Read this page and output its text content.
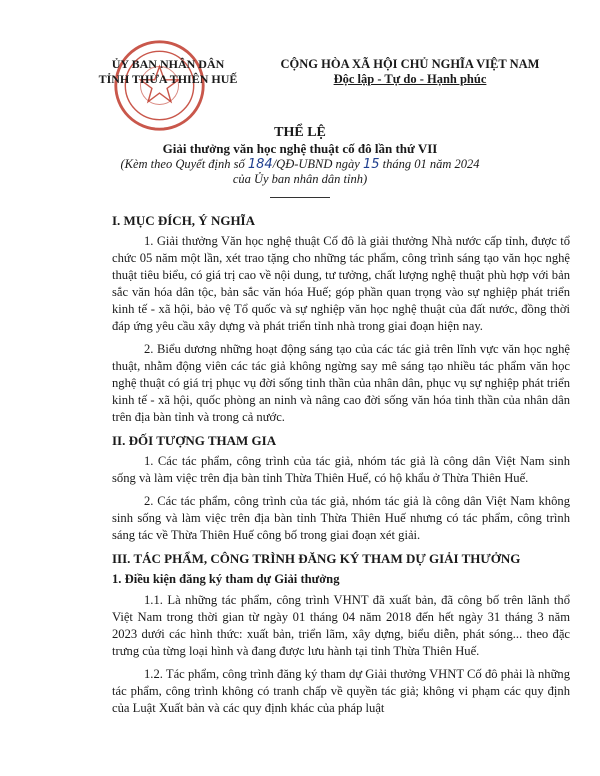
ỦY BAN NHÂN DÂN
TỈNH THỪA THIÊN HUẾ
CỘNG HÒA XÃ HỘI CHỦ NGHĨA VIỆT NAM
Độc lập - Tự do - Hạnh phúc
THỂ LỆ
Giải thưởng văn học nghệ thuật cố đô lần thứ VII
(Kèm theo Quyết định số 184/QĐ-UBND ngày 15 tháng 01 năm 2024
của Ủy ban nhân dân tỉnh)
I. MỤC ĐÍCH, Ý NGHĨA
1. Giải thưởng Văn học nghệ thuật Cố đô là giải thưởng Nhà nước cấp tỉnh, được tổ chức 05 năm một lần, xét trao tặng cho những tác phẩm, công trình sáng tạo văn học nghệ thuật tiêu biểu, có giá trị cao về nội dung, tư tưởng, chất lượng nghệ thuật phù hợp với bản sắc văn hóa dân tộc, bản sắc văn hóa Huế; góp phần quan trọng vào sự nghiệp phát triển kinh tế - xã hội, bảo vệ Tổ quốc và sự nghiệp văn học nghệ thuật của đất nước, đồng thời đáp ứng yêu cầu xây dựng và phát triển tỉnh nhà trong giai đoạn hiện nay.
2. Biểu dương những hoạt động sáng tạo của các tác giả trên lĩnh vực văn học nghệ thuật, nhằm động viên các tác giả không ngừng say mê sáng tạo nhiều tác phẩm văn học nghệ thuật có giá trị phục vụ đời sống tinh thần của nhân dân, phục vụ sự nghiệp phát triển kinh tế - xã hội, quốc phòng an ninh và nâng cao đời sống văn hóa tinh thần của nhân dân trên địa bàn tỉnh và trong cả nước.
II. ĐỐI TƯỢNG THAM GIA
1. Các tác phẩm, công trình của tác giả, nhóm tác giả là công dân Việt Nam sinh sống và làm việc trên địa bàn tỉnh Thừa Thiên Huế, có hộ khẩu ở Thừa Thiên Huế.
2. Các tác phẩm, công trình của tác giả, nhóm tác giả là công dân Việt Nam không sinh sống và làm việc trên địa bàn tỉnh Thừa Thiên Huế nhưng có tác phẩm, công trình sáng tác về Thừa Thiên Huế công bố trong giai đoạn xét giải.
III. TÁC PHẨM, CÔNG TRÌNH ĐĂNG KÝ THAM DỰ GIẢI THƯỞNG
1. Điều kiện đăng ký tham dự Giải thưởng
1.1. Là những tác phẩm, công trình VHNT đã xuất bản, đã công bố trên lãnh thổ Việt Nam trong thời gian từ ngày 01 tháng 04 năm 2018 đến hết ngày 31 tháng 3 năm 2023 dưới các hình thức: xuất bản, triển lãm, xây dựng, biểu diễn, phát sóng... theo đặc trưng của từng loại hình và đang được lưu hành tại tỉnh Thừa Thiên Huế.
1.2. Tác phẩm, công trình đăng ký tham dự Giải thưởng VHNT Cố đô phải là những tác phẩm, công trình không có tranh chấp về quyền tác giả; không vi phạm các quy định của Luật Xuất bản và các quy định khác của pháp luật
